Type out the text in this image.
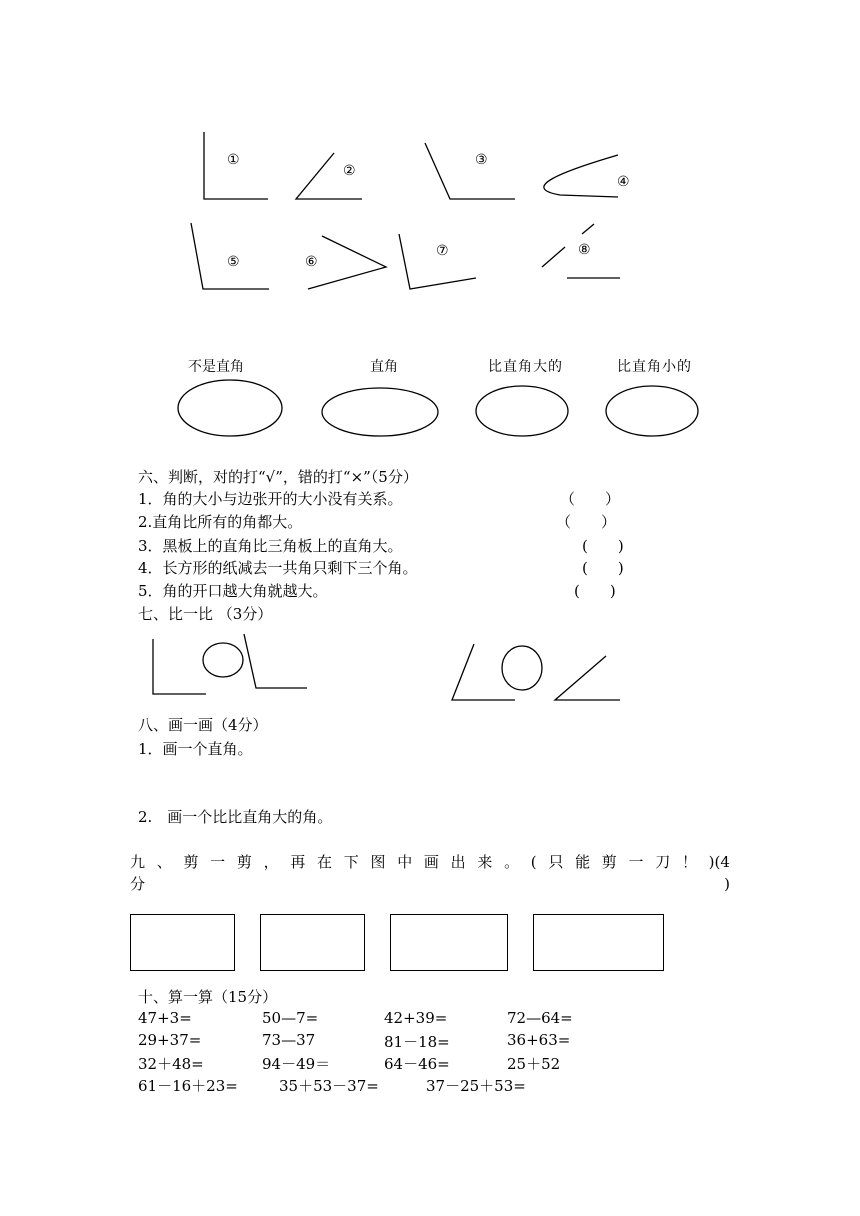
①
②
③
④
⑤	⑥
⑦	⑧
不是直角	直角	比直角大的	比直角小的
六、判断，对的打“√”，错的打“×”（5分）
1．角的大小与边张开的大小没有关系。	（　　）
2.直角比所有的角都大。	（　　）
3．黑板上的直角比三角板上的直角大。	(　　)
4．长方形的纸减去一共角只剩下三个角。	(　　)
5．角的开口越大角就越大。	(　　)
七、比一比 （3分）
八、画一画（4分）
1．画一个直角。
2.　画一个比比直角大的角。
九 、 剪 一 剪 ， 再 在 下 图 中 画 出 来 。 ( 只 能 剪 一 刀 ！ )(4
分	)
十、算一算（15分）
47+3=	50—7=	42+39=	72—64=
29+37=	73—37	81－18=	36+63=
32＋48=	94－49＝	64－46=	25＋52
61－16＋23=	35＋53－37=	37－25＋53=
